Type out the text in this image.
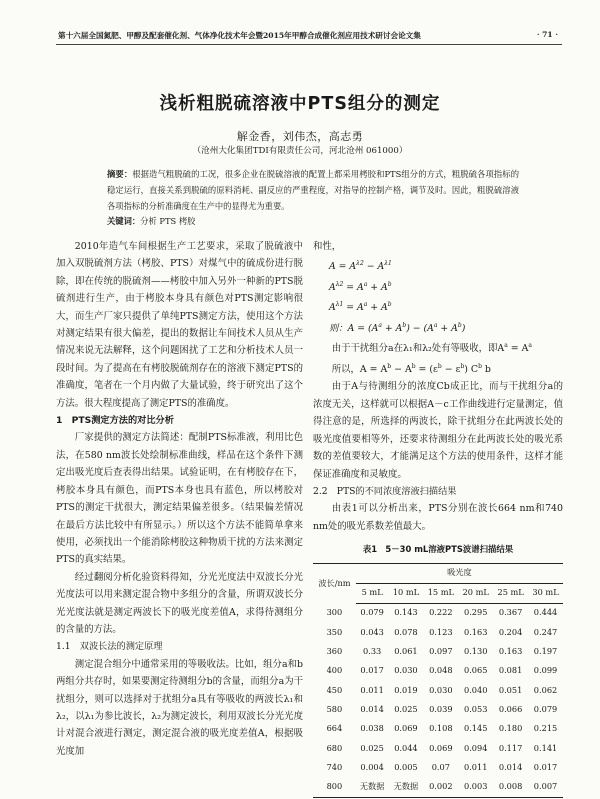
第十六届全国氮肥、甲醇及配套催化剂、气体净化技术年会暨2015年甲醇合成催化剂应用技术研讨会论文集	· 71 ·
浅析粗脱硫溶液中PTS组分的测定
解金香，刘伟杰，高志勇
（沧州大化集团TDI有限责任公司，河北沧州 061000）
摘要：根据造气粗脱硫的工况，很多企业在脱硫溶液的配置上都采用栲胶和PTS组分的方式，粗脱硫各项指标的稳定运行，直接关系到脱硫的原料消耗、副反应的严重程度，对指导的控制产格，调节及时。因此，粗脱硫溶液各项指标的分析准确度在生产中的显得尤为重要。
关键词：分析 PTS 栲胶

2010年造气车间根据生产工艺要求，采取了脱硫液中加入双脱硫剂方法（栲胶、PTS）对煤气中的硫成份进行脱除，即在传统的脱硫剂——栲胶中加入另外一种新的PTS脱硫剂进行生产，由于栲胶本身具有颜色对PTS测定影响很大，而生产厂家只提供了单纯PTS测定方法，使用这个方法对测定结果有很大偏差，提出的数据让车间技术人员从生产情况来说无法解释，这个问题困扰了工艺和分析技术人员一段时间。为了提高在有栲胶脱硫剂存在的溶液下测定PTS的准确度，笔者在一个月内做了大量试验，终于研究出了这个方法。很大程度提高了测定PTS的准确度。

1　PTS测定方法的对比分析

厂家提供的测定方法简述：配制PTS标准液，利用比色法，在580 nm波长处绘制标准曲线，样品在这个条件下测定出吸光度后查表得出结果。试验证明，在有栲胶存在下，栲胶本身具有颜色，而PTS本身也具有蓝色，所以栲胶对PTS的测定干扰很大，测定结果偏差很多。（结果偏差情况在最后方法比较中有所显示。）所以这个方法不能简单拿来使用，必须找出一个能消除栲胶这种物质干扰的方法来测定PTS的真实结果。

经过翻阅分析化验资料得知，分光光度法中双波长分光光度法可以用来测定混合物中多组分的含量，所谓双波长分光光度法就是测定两波长下的吸光度差值A，求得待测组分的含量的方法。

1.1　双波长法的测定原理

测定混合组分中通常采用的等吸收法。比如，组分a和b两组分共存时，如果要测定待测组分b的含量，而组分a为干扰组分，则可以选择对于扰组分a具有等吸收的两波长λ₁和λ₂，以λ₁为参比波长，λ₂为测定波长，利用双波长分光光度计对混合液进行测定，测定混合液的吸光度差值A，根据吸光度加

和性，

$A = A^{\lambda 2} - A^{\lambda 1}$
$A^{\lambda 2} = A^a + A^b$
$A^{\lambda 1} = A^a + A^b$
则：$A = (A^a + A^b) - (A^a + A^b)$

由于干扰组分a在λ₁和λ₂处有等吸收，即$A^a = A^a$

所以，$A = A^b - A^b = (\varepsilon^b - \varepsilon^b)$ $C^b$ b

由于A与待测组分的浓度Cb成正比，而与干扰组分a的浓度无关，这样就可以根据A－c工作曲线进行定量测定，值得注意的是，所选择的两波长，除干扰组分在此两波长处的吸光度值要相等外，还要求待测组分在此两波长处的吸光系数的差值要较大，才能满足这个方法的使用条件，这样才能保证准确度和灵敏度。

2.2　PTS的不同浓度溶液扫描结果

由表1可以分析出来，PTS分别在波长664 nm和740 nm处的吸光系数差值最大。

表1　5－30 mL溶液PTS波谱扫描结果
波长/nm	吸光度					
	5 mL	10 mL	15 mL	20 mL	25 mL	30 mL
300	0.079	0.143	0.222	0.295	0.367	0.444
350	0.043	0.078	0.123	0.163	0.204	0.247
360	0.33	0.061	0.097	0.130	0.163	0.197
400	0.017	0.030	0.048	0.065	0.081	0.099
450	0.011	0.019	0.030	0.040	0.051	0.062
580	0.014	0.025	0.039	0.053	0.066	0.079
664	0.038	0.069	0.108	0.145	0.180	0.215
680	0.025	0.044	0.069	0.094	0.117	0.141
740	0.004	0.005	0.07	0.011	0.014	0.017
800	无数据	无数据	0.002	0.003	0.008	0.007
